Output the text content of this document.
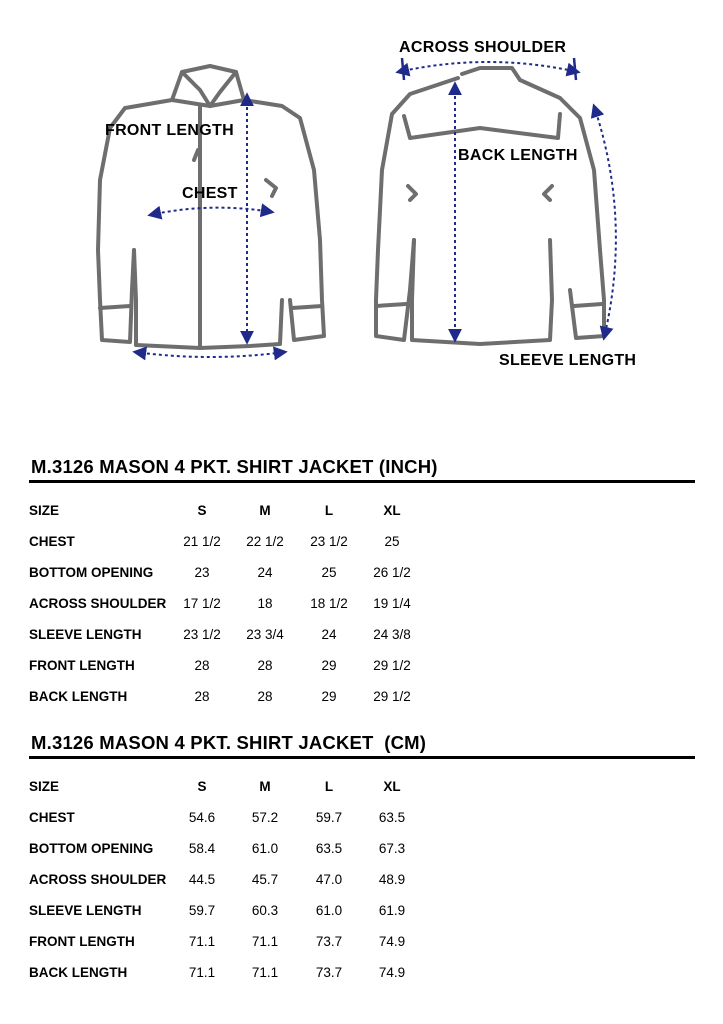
FRONT LENGTH
CHEST
ACROSS SHOULDER
BACK LENGTH
SLEEVE LENGTH
M.3126 MASON 4 PKT. SHIRT JACKET (INCH)
SIZE	S	M	L	XL
CHEST	21 1/2	22 1/2	23 1/2	25
BOTTOM OPENING	23	24	25	26 1/2
ACROSS SHOULDER	17 1/2	18	18 1/2	19 1/4
SLEEVE LENGTH	23 1/2	23 3/4	24	24 3/8
FRONT LENGTH	28	28	29	29 1/2
BACK LENGTH	28	28	29	29 1/2
M.3126 MASON 4 PKT. SHIRT JACKET  (CM)
SIZE	S	M	L	XL
CHEST	54.6	57.2	59.7	63.5
BOTTOM OPENING	58.4	61.0	63.5	67.3
ACROSS SHOULDER	44.5	45.7	47.0	48.9
SLEEVE LENGTH	59.7	60.3	61.0	61.9
FRONT LENGTH	71.1	71.1	73.7	74.9
BACK LENGTH	71.1	71.1	73.7	74.9
